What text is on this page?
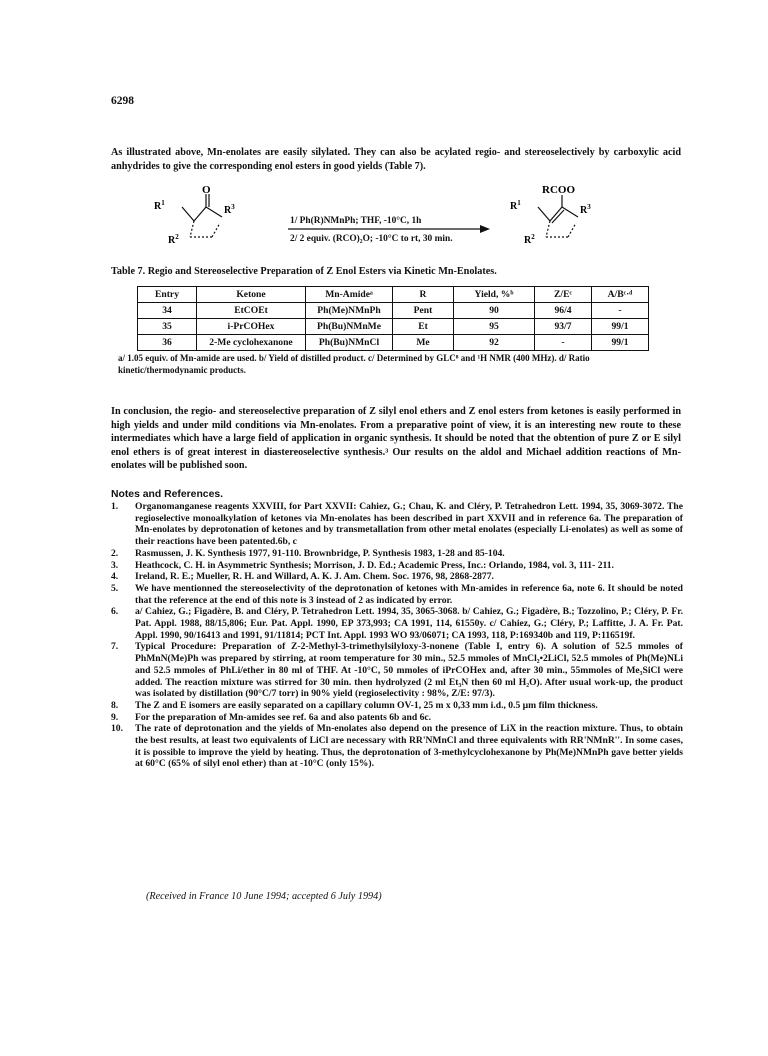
6298

As illustrated above, Mn-enolates are easily silylated. They can also be acylated regio- and stereoselectively by carboxylic acid anhydrides to give the corresponding enol esters in good yields (Table 7).

O
$R^1$
$R^3$
$R^2$
RCOO
$R^1$
$R^3$
$R^2$
1/ Ph(R)NMnPh; THF, -10°C, 1h
2/ 2 equiv. (RCO)₂O; -10°C to rt, 30 min.
Table 7. Regio and Stereoselective Preparation of Z Enol Esters via Kinetic Mn-Enolates.
Entry	Ketone	Mn-Amideᵃ	R	Yield, %ᵇ	Z/Eᶜ	A/Bᶜ·ᵈ
34	EtCOEt	Ph(Me)NMnPh	Pent	90	96/4	-
35	i-PrCOHex	Ph(Bu)NMnMe	Et	95	93/7	99/1
36	2-Me cyclohexanone	Ph(Bu)NMnCl	Me	92	-	99/1

a/ 1.05 equiv. of Mn-amide are used. b/ Yield of distilled product. c/ Determined by GLC⁸ and ¹H NMR (400 MHz). d/ Ratio kinetic/thermodynamic products.

In conclusion, the regio- and stereoselective preparation of Z silyl enol ethers and Z enol esters from ketones is easily performed in high yields and under mild conditions via Mn-enolates. From a preparative point of view, it is an interesting new route to these intermediates which have a large field of application in organic synthesis. It should be noted that the obtention of pure Z or E silyl enol ethers is of great interest in diastereoselective synthesis.³ Our results on the aldol and Michael addition reactions of Mn-enolates will be published soon.

Notes and References.
1. Organomanganese reagents XXVIII, for Part XXVII: Cahiez, G.; Chau, K. and Cléry, P. Tetrahedron Lett. 1994, 35, 3069-3072. The regioselective monoalkylation of ketones via Mn-enolates has been described in part XXVII and in reference 6a. The preparation of Mn-enolates by deprotonation of ketones and by transmetallation from other metal enolates (especially Li-enolates) as well as some of their reactions have been patented.6b, c
2. Rasmussen, J. K. Synthesis 1977, 91-110. Brownbridge, P. Synthesis 1983, 1-28 and 85-104.
3. Heathcock, C. H. in Asymmetric Synthesis; Morrison, J. D. Ed.; Academic Press, Inc.: Orlando, 1984, vol. 3, 111- 211.
4. Ireland, R. E.; Mueller, R. H. and Willard, A. K. J. Am. Chem. Soc. 1976, 98, 2868-2877.
5. We have mentionned the stereoselectivity of the deprotonation of ketones with Mn-amides in reference 6a, note 6. It should be noted that the reference at the end of this note is 3 instead of 2 as indicated by error.
6. a/ Cahiez, G.; Figadère, B. and Cléry, P. Tetrahedron Lett. 1994, 35, 3065-3068. b/ Cahiez, G.; Figadère, B.; Tozzolino, P.; Cléry, P. Fr. Pat. Appl. 1988, 88/15,806; Eur. Pat. Appl. 1990, EP 373,993; CA 1991, 114, 61550y. c/ Cahiez, G.; Cléry, P.; Laffitte, J. A. Fr. Pat. Appl. 1990, 90/16413 and 1991, 91/11814; PCT Int. Appl. 1993 WO 93/06071; CA 1993, 118, P:169340b and 119, P:116519f.
7. Typical Procedure: Preparation of Z-2-Methyl-3-trimethylsilyloxy-3-nonene (Table I, entry 6). A solution of 52.5 mmoles of PhMnN(Me)Ph was prepared by stirring, at room temperature for 30 min., 52.5 mmoles of MnCl₂•2LiCl, 52.5 mmoles of Ph(Me)NLi and 52.5 mmoles of PhLi/ether in 80 ml of THF. At -10°C, 50 mmoles of iPrCOHex and, after 30 min., 55mmoles of Me₃SiCl were added. The reaction mixture was stirred for 30 min. then hydrolyzed (2 ml Et₃N then 60 ml H₂O). After usual work-up, the product was isolated by distillation (90°C/7 torr) in 90% yield (regioselectivity : 98%, Z/E: 97/3).
8. The Z and E isomers are easily separated on a capillary column OV-1, 25 m x 0,33 mm i.d., 0.5 µm film thickness.
9. For the preparation of Mn-amides see ref. 6a and also patents 6b and 6c.
10. The rate of deprotonation and the yields of Mn-enolates also depend on the presence of LiX in the reaction mixture. Thus, to obtain the best results, at least two equivalents of LiCl are necessary with RR'NMnCl and three equivalents with RR'NMnR''. In some cases, it is possible to improve the yield by heating. Thus, the deprotonation of 3-methylcyclohexanone by Ph(Me)NMnPh gave better yields at 60°C (65% of silyl enol ether) than at -10°C (only 15%).
(Received in France 10 June 1994; accepted 6 July 1994)
